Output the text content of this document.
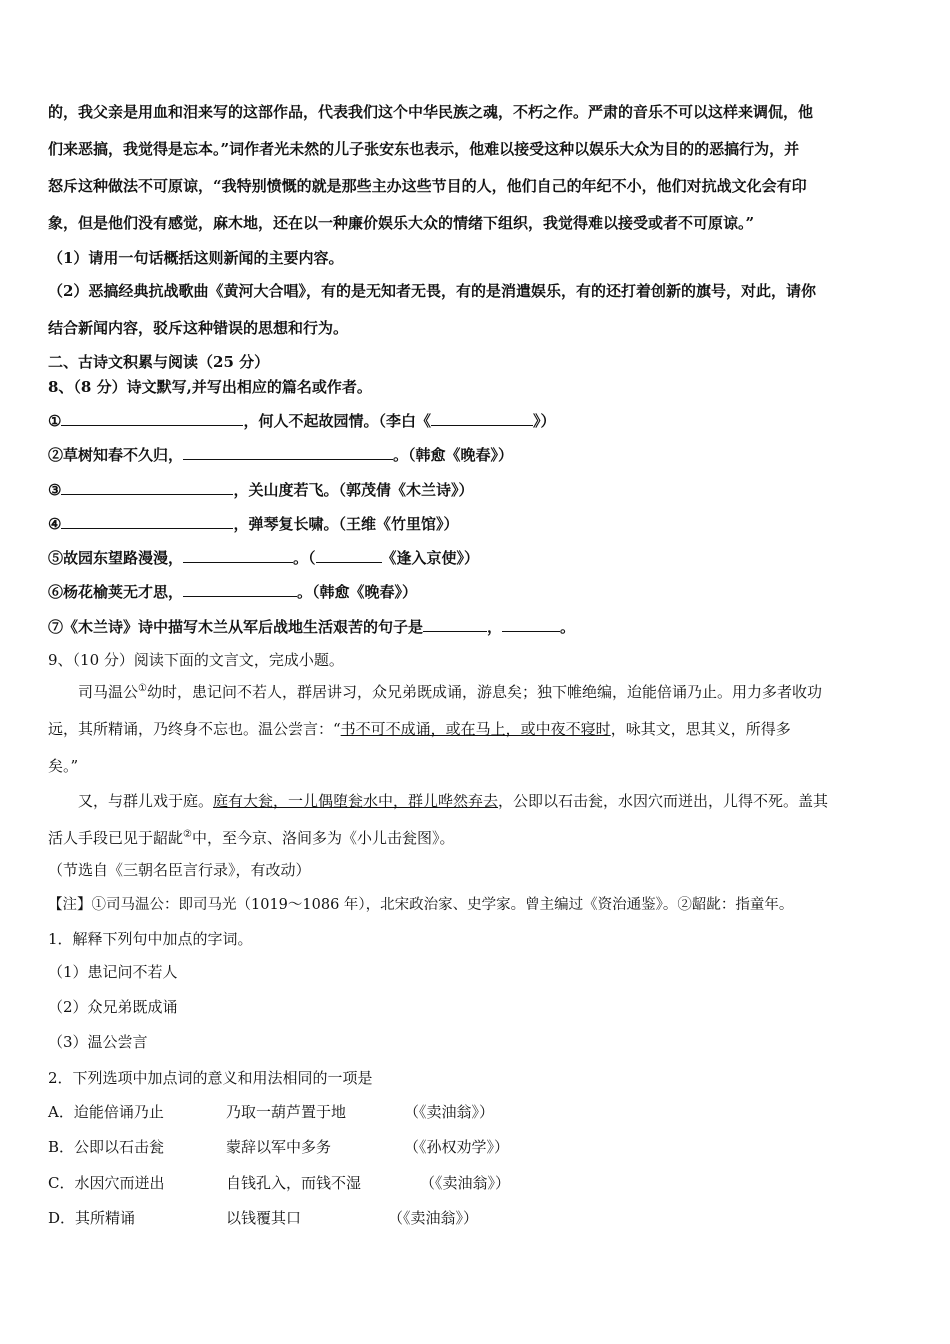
的，我父亲是用血和泪来写的这部作品，代表我们这个中华民族之魂，不朽之作。严肃的音乐不可以这样来调侃，他
们来恶搞，我觉得是忘本。”词作者光未然的儿子张安东也表示，他难以接受这种以娱乐大众为目的的恶搞行为，并
怒斥这种做法不可原谅，“我特别愤慨的就是那些主办这些节目的人，他们自己的年纪不小，他们对抗战文化会有印
象，但是他们没有感觉，麻木地，还在以一种廉价娱乐大众的情绪下组织，我觉得难以接受或者不可原谅。”
（1）请用一句话概括这则新闻的主要内容。
（2）恶搞经典抗战歌曲《黄河大合唱》，有的是无知者无畏，有的是消遣娱乐，有的还打着创新的旗号，对此，请你
结合新闻内容，驳斥这种错误的思想和行为。
二、古诗文积累与阅读（25 分）
8、（8 分）诗文默写,并写出相应的篇名或作者。
①	，何人不起故园情。（李白《	》）
②草树知春不久归，	。（韩愈《晚春》）
③	，关山度若飞。（郭茂倩《木兰诗》）
④	，弹琴复长啸。（王维《竹里馆》）
⑤故园东望路漫漫，	。（	《逢入京使》）
⑥杨花榆荚无才思，	。（韩愈《晚春》）
⑦《木兰诗》诗中描写木兰从军后战地生活艰苦的句子是	，	。
9、（10 分）阅读下面的文言文，完成小题。
司马温公①幼时，患记问不若人，群居讲习，众兄弟既成诵，游息矣；独下帷绝编，迨能倍诵乃止。用力多者收功
远，其所精诵，乃终身不忘也。温公尝言：“书不可不成诵，或在马上，或中夜不寝时，咏其文，思其义，所得多
矣。”
又，与群儿戏于庭。庭有大瓮，一儿偶堕瓮水中，群儿哗然弃去，公即以石击瓮，水因穴而迸出，儿得不死。盖其
活人手段已见于龆龀②中，至今京、洛间多为《小儿击瓮图》。
（节选自《三朝名臣言行录》，有改动）
【注】①司马温公：即司马光（1019～1086 年），北宋政治家、史学家。曾主编过《资治通鉴》。②龆龀：指童年。
1．解释下列句中加点的字词。
（1）患记问不若人
（2）众兄弟既成诵
（3）温公尝言
2．下列选项中加点词的意义和用法相同的一项是
A．迨能倍诵乃止	乃取一葫芦置于地	（《卖油翁》）
B．公即以石击瓮	蒙辞以军中多务	（《孙权劝学》）
C．水因穴而迸出	自钱孔入，而钱不湿	（《卖油翁》）
D．其所精诵	以钱覆其口	（《卖油翁》）
